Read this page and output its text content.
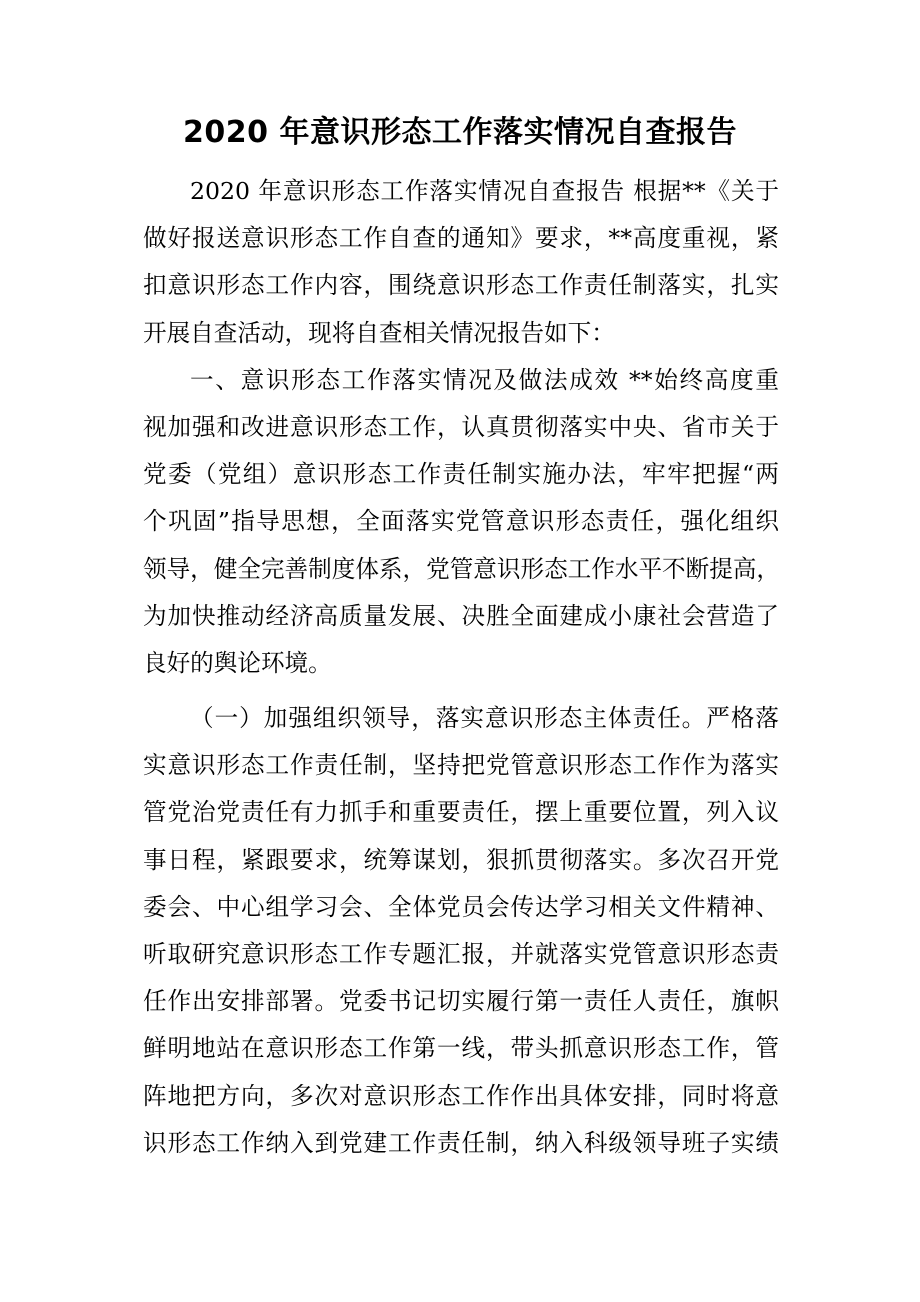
2020 年意识形态工作落实情况自查报告
2020 年意识形态工作落实情况自查报告 根据**《关于
做好报送意识形态工作自查的通知》要求，**高度重视，紧
扣意识形态工作内容，围绕意识形态工作责任制落实，扎实
开展自查活动，现将自查相关情况报告如下：
一、意识形态工作落实情况及做法成效 **始终高度重
视加强和改进意识形态工作，认真贯彻落实中央、省市关于
党委（党组）意识形态工作责任制实施办法，牢牢把握“两
个巩固”指导思想，全面落实党管意识形态责任，强化组织
领导，健全完善制度体系，党管意识形态工作水平不断提高，
为加快推动经济高质量发展、决胜全面建成小康社会营造了
良好的舆论环境。
（一）加强组织领导，落实意识形态主体责任。严格落
实意识形态工作责任制，坚持把党管意识形态工作作为落实
管党治党责任有力抓手和重要责任，摆上重要位置，列入议
事日程，紧跟要求，统筹谋划，狠抓贯彻落实。多次召开党
委会、中心组学习会、全体党员会传达学习相关文件精神、
听取研究意识形态工作专题汇报，并就落实党管意识形态责
任作出安排部署。党委书记切实履行第一责任人责任，旗帜
鲜明地站在意识形态工作第一线，带头抓意识形态工作，管
阵地把方向，多次对意识形态工作作出具体安排，同时将意
识形态工作纳入到党建工作责任制，纳入科级领导班子实绩
